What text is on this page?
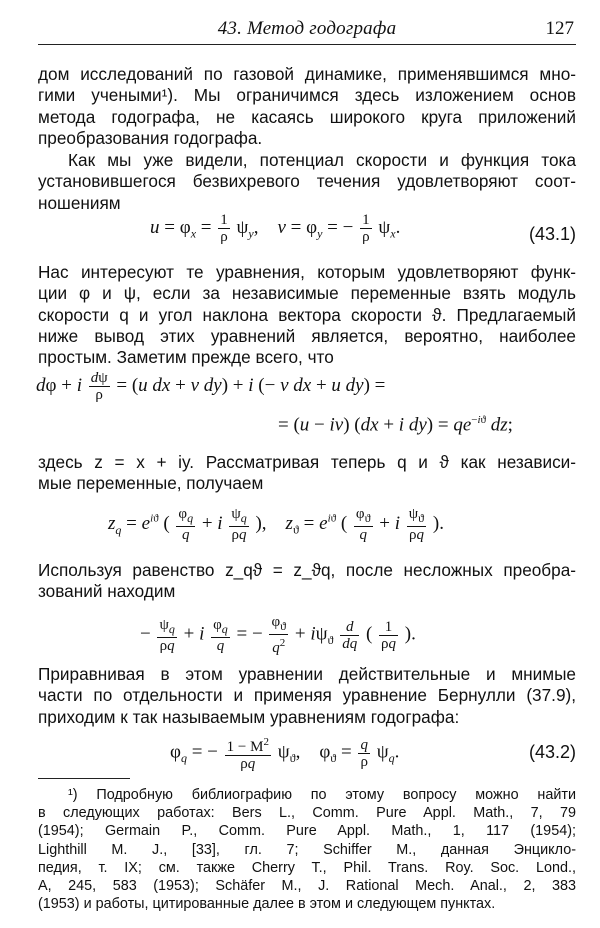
43. Метод годографа	127
дом исследований по газовой динамике, применявшимся мно-
гими учеными¹). Мы ограничимся здесь изложением основ
метода годографа, не касаясь широкого круга приложений
преобразования годографа.
Как мы уже видели, потенциал скорости и функция тока
установившегося безвихревого течения удовлетворяют соот-
ношениям
$u = \varphi_x = \frac{1}{\rho} \psi_y$,    $v = \varphi_y$ = − $\frac{1}{\rho} \psi_x$.	(43.1)
Нас интересуют те уравнения, которым удовлетворяют функ-
ции φ и ψ, если за независимые переменные взять модуль
скорости q и угол наклона вектора скорости ϑ. Предлагаемый
ниже вывод этих уравнений является, вероятно, наиболее
простым. Заметим прежде всего, что
dφ + i $\frac{d\psi}{\rho} = (u$ dx + v dy) + i (− v dx + u dy) =
= (u − iv) (dx + i $dy) = qe^{-iϑ}$ dz;
здесь z = x + iy. Рассматривая теперь q и ϑ как независи-
мые переменные, получаем
$z_q = e^{iϑ}$ ( $\frac{\varphi_q}{q} + i \frac{\psi_q}{\rho q}$ ),    $z_ϑ = e^{iϑ}$ ( $\frac{\varphi_ϑ}{q} + i \frac{\psi_ϑ}{\rho q}$ ).
Используя равенство z_qϑ = z_ϑq, после несложных преобра-
зований находим
− $\frac{\psi_q}{\rho q} + i \frac{\varphi_q}{q}$ = − $\frac{\varphi_ϑ}{q^2} + i\psi_ϑ \frac{d}{dq}$ ( $\frac{1}{\rho q}$ ).
Приравнивая в этом уравнении действительные и мнимые
части по отдельности и применяя уравнение Бернулли (37.9),
приходим к так называемым уравнениям годографа:
$\varphi_q$ = − $\frac{1 - M^2}{\rho q} \psi_ϑ$,    $\varphi_ϑ = \frac{q}{\rho} \psi_q$.	(43.2)
¹) Подробную библиографию по этому вопросу можно найти
в следующих работах: Bers L., Comm. Pure Appl. Math., 7, 79
(1954); Germain P., Comm. Pure Appl. Math., 1, 117 (1954);
Lighthill M. J., [33], гл. 7; Schiffer M., данная Энцикло-
педия, т. IX; см. также Cherry T., Phil. Trans. Roy. Soc. Lond.,
A, 245, 583 (1953); Schäfer M., J. Rational Mech. Anal., 2, 383
(1953) и работы, цитированные далее в этом и следующем пунктах.
